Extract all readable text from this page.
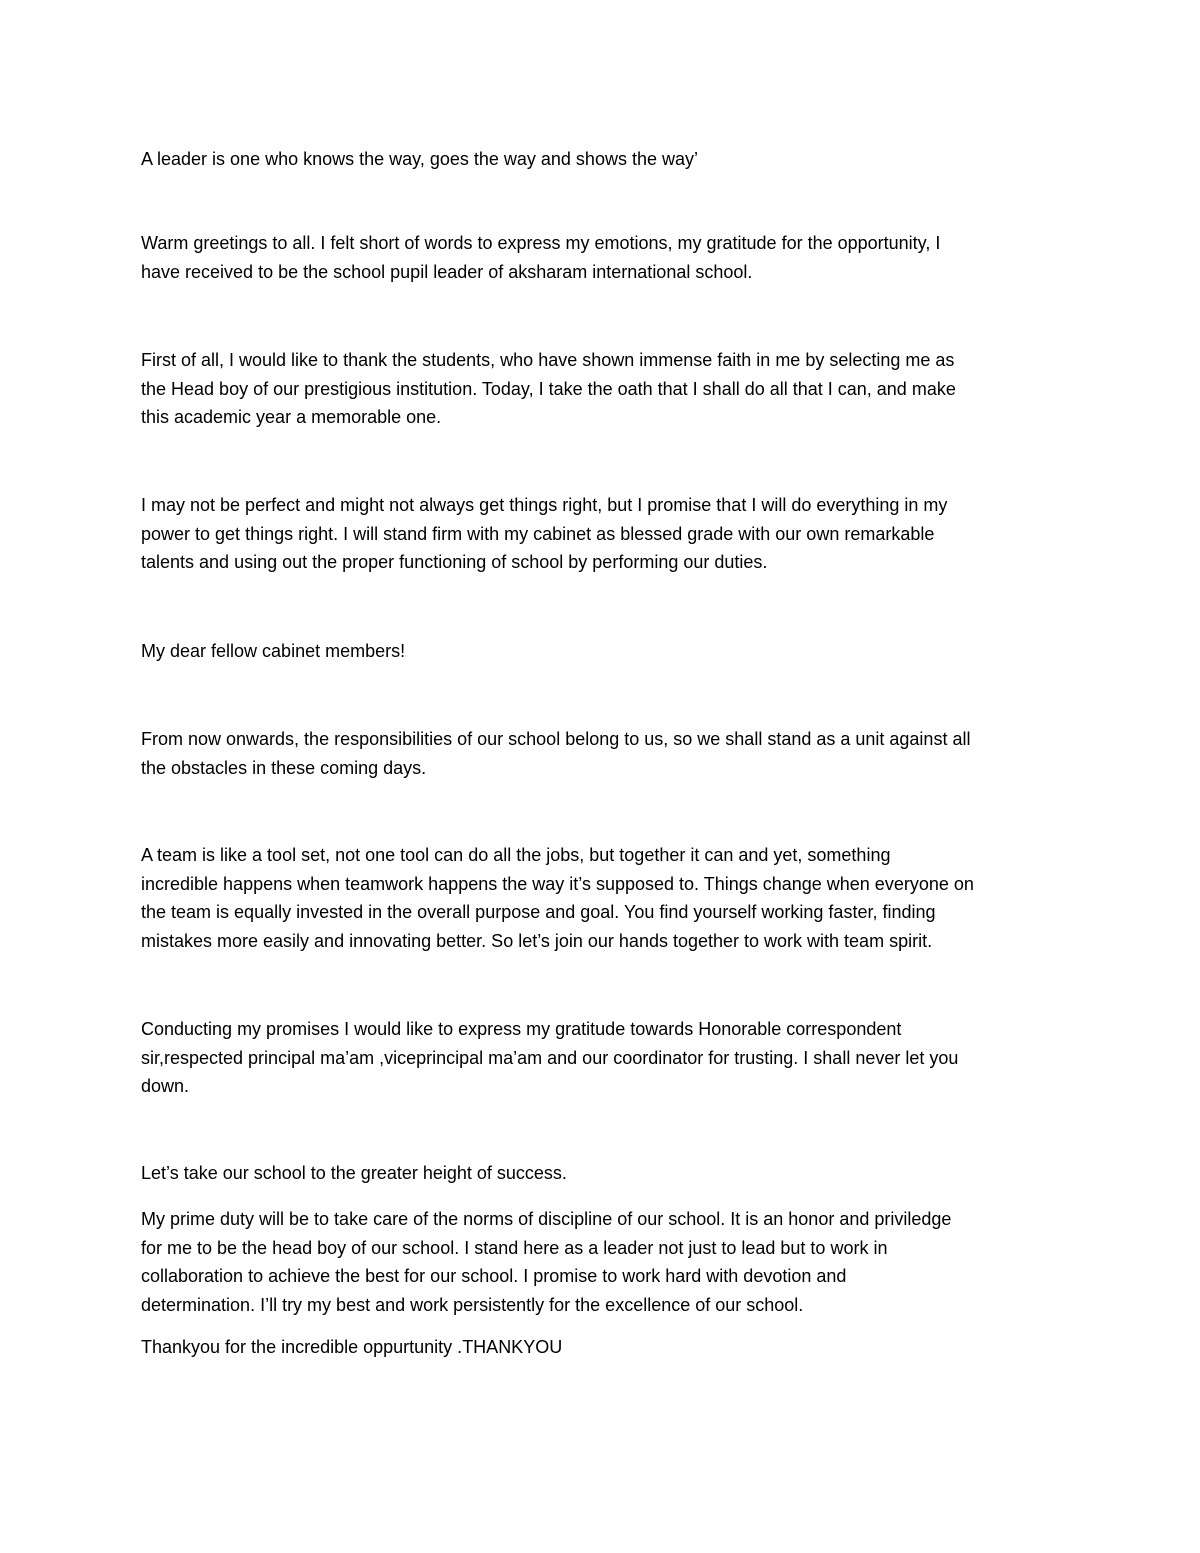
A leader is one who knows the way, goes the way and shows the way’

Warm greetings to all. I felt short of words to express my emotions, my gratitude for the opportunity, I
have received to be the school pupil leader of aksharam international school.

First of all, I would like to thank the students, who have shown immense faith in me by selecting me as
the Head boy of our prestigious institution. Today, I take the oath that I shall do all that I can, and make
this academic year a memorable one.

I may not be perfect and might not always get things right, but I promise that I will do everything in my
power to get things right. I will stand firm with my cabinet as blessed grade with our own remarkable
talents and using out the proper functioning of school by performing our duties.

My dear fellow cabinet members!

From now onwards, the responsibilities of our school belong to us, so we shall stand as a unit against all
the obstacles in these coming days.

A team is like a tool set, not one tool can do all the jobs, but together it can and yet, something
incredible happens when teamwork happens the way it’s supposed to. Things change when everyone on
the team is equally invested in the overall purpose and goal. You find yourself working faster, finding
mistakes more easily and innovating better. So let’s join our hands together to work with team spirit.

Conducting my promises I would like to express my gratitude towards Honorable correspondent
sir,respected principal ma’am ,viceprincipal ma’am and our coordinator for trusting. I shall never let you
down.

Let’s take our school to the greater height of success.

My prime duty will be to take care of the norms of discipline of our school. It is an honor and priviledge
for me to be the head boy of our school. I stand here as a leader not just to lead but to work in
collaboration to achieve the best for our school. I promise to work hard with devotion and
determination. I’ll try my best and work persistently for the excellence of our school.

Thankyou for the incredible oppurtunity .THANKYOU
